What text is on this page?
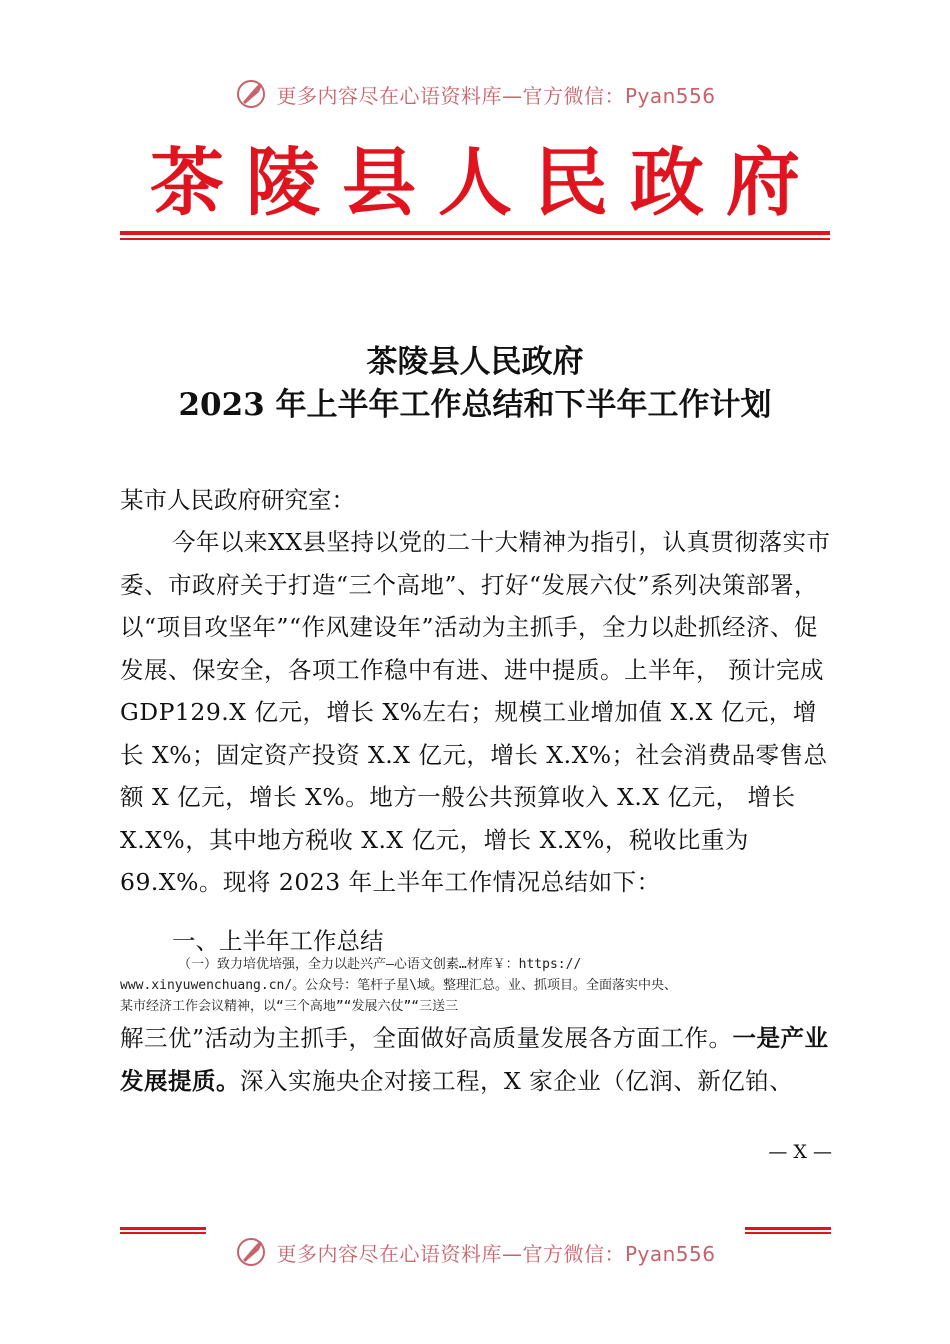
更多内容尽在心语资料库—官方微信：Pyan556
茶陵县人民政府
茶陵县人民政府
2023 年上半年工作总结和下半年工作计划
某市人民政府研究室：
今年以来XX县坚持以党的二十大精神为指引，认真贯彻落实市委、市政府关于打造“三个高地”、打好“发展六仗”系列决策部署，以“项目攻坚年”“作风建设年”活动为主抓手，全力以赴抓经济、促发展、保安全，各项工作稳中有进、进中提质。上半年， 预计完成 GDP129.X 亿元，增长 X%左右；规模工业增加值 X.X 亿元，增长 X%；固定资产投资 X.X 亿元，增长 X.X%；社会消费品零售总额 X 亿元，增长 X%。地方一般公共预算收入 X.X 亿元， 增长 X.X%，其中地方税收 X.X 亿元，增长 X.X%，税收比重为 69.X%。现将 2023 年上半年工作情况总结如下：
一、上半年工作总结
（一）致力培优培强，全力以赴兴产—心语文创素…材库￥：https://
www.xinyuwenchuang.cn/。公众号：笔杆子星\域。整理汇总。业、抓项目。全面落实中央、
某市经济工作会议精神，以“三个高地”“发展六仗”“三送三
解三优”活动为主抓手，全面做好高质量发展各方面工作。一是产业发展提质。深入实施央企对接工程，X 家企业（亿润、新亿铂、
— X —
更多内容尽在心语资料库—官方微信：Pyan556
